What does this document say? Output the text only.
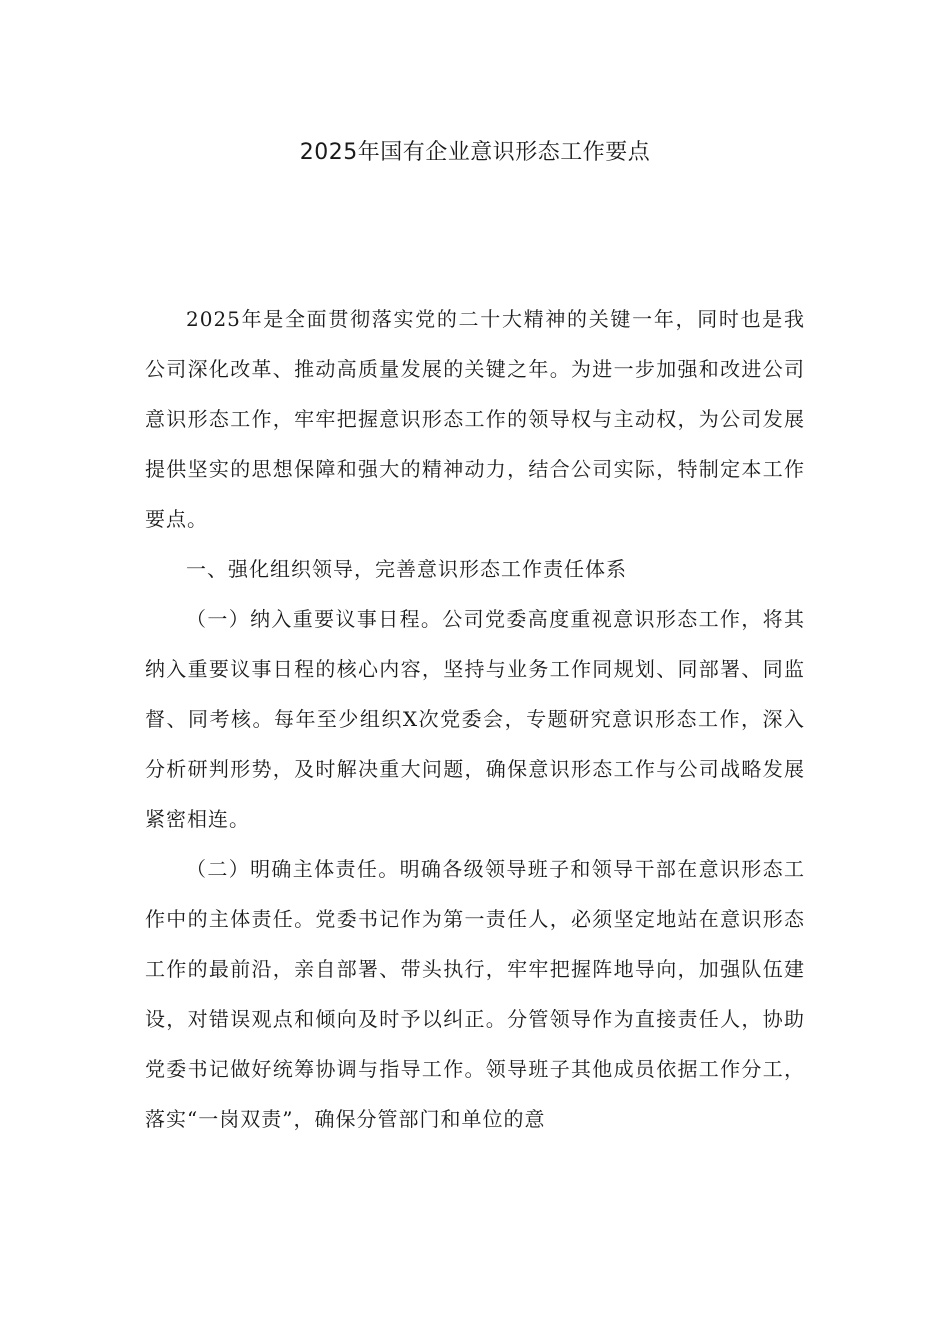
2025年国有企业意识形态工作要点

2025年是全面贯彻落实党的二十大精神的关键一年，同时也是我公司深化改革、推动高质量发展的关键之年。为进一步加强和改进公司意识形态工作，牢牢把握意识形态工作的领导权与主动权，为公司发展提供坚实的思想保障和强大的精神动力，结合公司实际，特制定本工作要点。

一、强化组织领导，完善意识形态工作责任体系

（一）纳入重要议事日程。公司党委高度重视意识形态工作，将其纳入重要议事日程的核心内容，坚持与业务工作同规划、同部署、同监督、同考核。每年至少组织X次党委会，专题研究意识形态工作，深入分析研判形势，及时解决重大问题，确保意识形态工作与公司战略发展紧密相连。

（二）明确主体责任。明确各级领导班子和领导干部在意识形态工作中的主体责任。党委书记作为第一责任人，必须坚定地站在意识形态工作的最前沿，亲自部署、带头执行，牢牢把握阵地导向，加强队伍建设，对错误观点和倾向及时予以纠正。分管领导作为直接责任人，协助党委书记做好统筹协调与指导工作。领导班子其他成员依据工作分工，落实“一岗双责”，确保分管部门和单位的意
